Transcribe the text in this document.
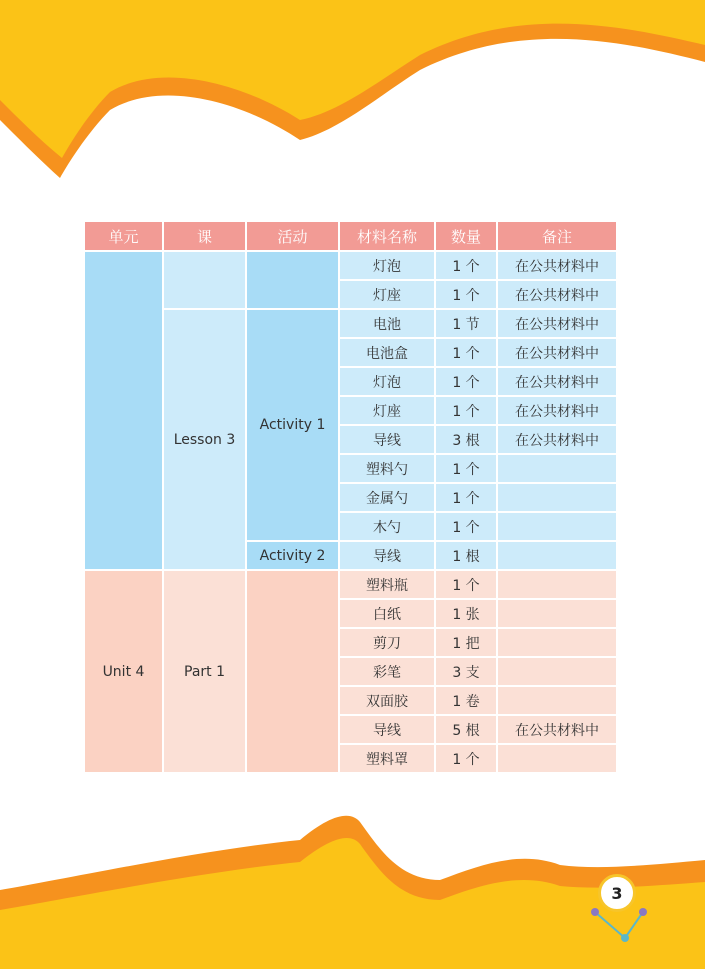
单元	课	活动	材料名称	数量	备注
			灯泡	1 个	在公共材料中
			灯座	1 个	在公共材料中
	Lesson 3	Activity 1	电池	1 节	在公共材料中
			电池盒	1 个	在公共材料中
			灯泡	1 个	在公共材料中
			灯座	1 个	在公共材料中
			导线	3 根	在公共材料中
			塑料勺	1 个	
			金属勺	1 个	
			木勺	1 个	
		Activity 2	导线	1 根	
Unit 4	Part 1		塑料瓶	1 个	
			白纸	1 张	
			剪刀	1 把	
			彩笔	3 支	
			双面胶	1 卷	
			导线	5 根	在公共材料中
			塑料罩	1 个	
3
